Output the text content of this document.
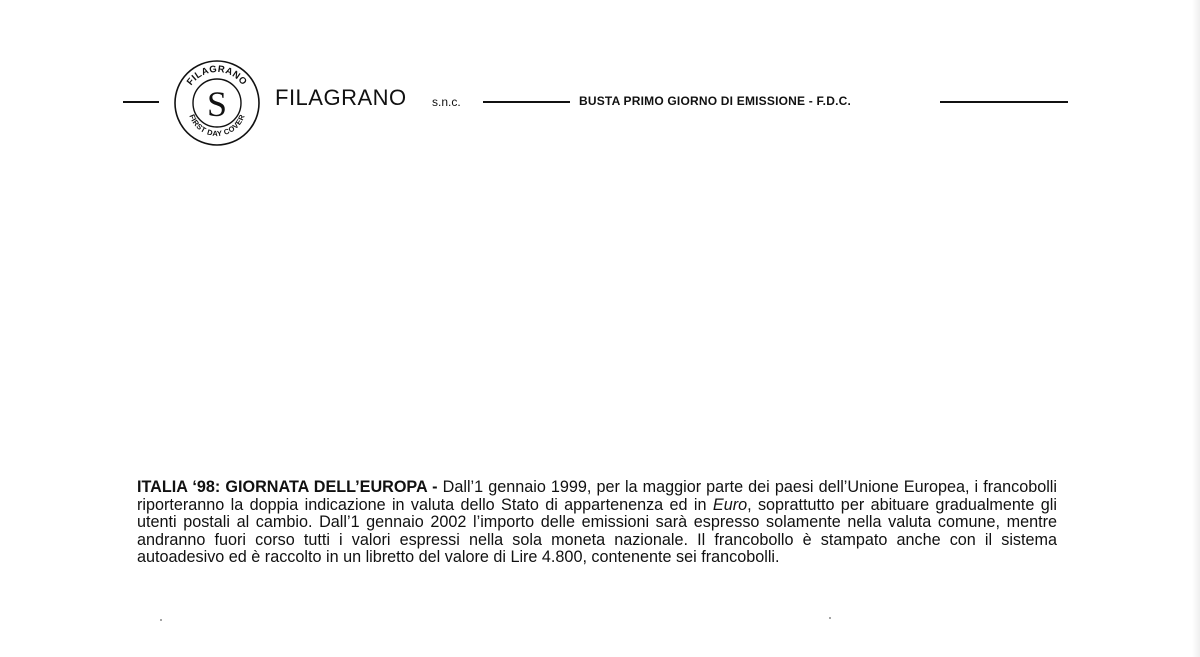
S
FILAGRANO
FIRST DAY COVER
FILAGRANO s.n.c.	BUSTA PRIMO GIORNO DI EMISSIONE - F.D.C.

ITALIA ‘98: GIORNATA DELL’EUROPA - Dall’1 gennaio 1999, per la maggior parte dei paesi dell’Unione Europea, i francobolli riporteranno la doppia indicazione in valuta dello Stato di appartenenza ed in Euro, soprattutto per abituare gradualmente gli utenti postali al cambio. Dall’1 gennaio 2002 l’importo delle emissioni sarà espresso solamente nella valuta comune, mentre andranno fuori corso tutti i valori espressi nella sola moneta nazionale. Il francobollo è stampato anche con il sistema autoadesivo ed è raccolto in un libretto del valore di Lire 4.800, contenente sei francobolli.
